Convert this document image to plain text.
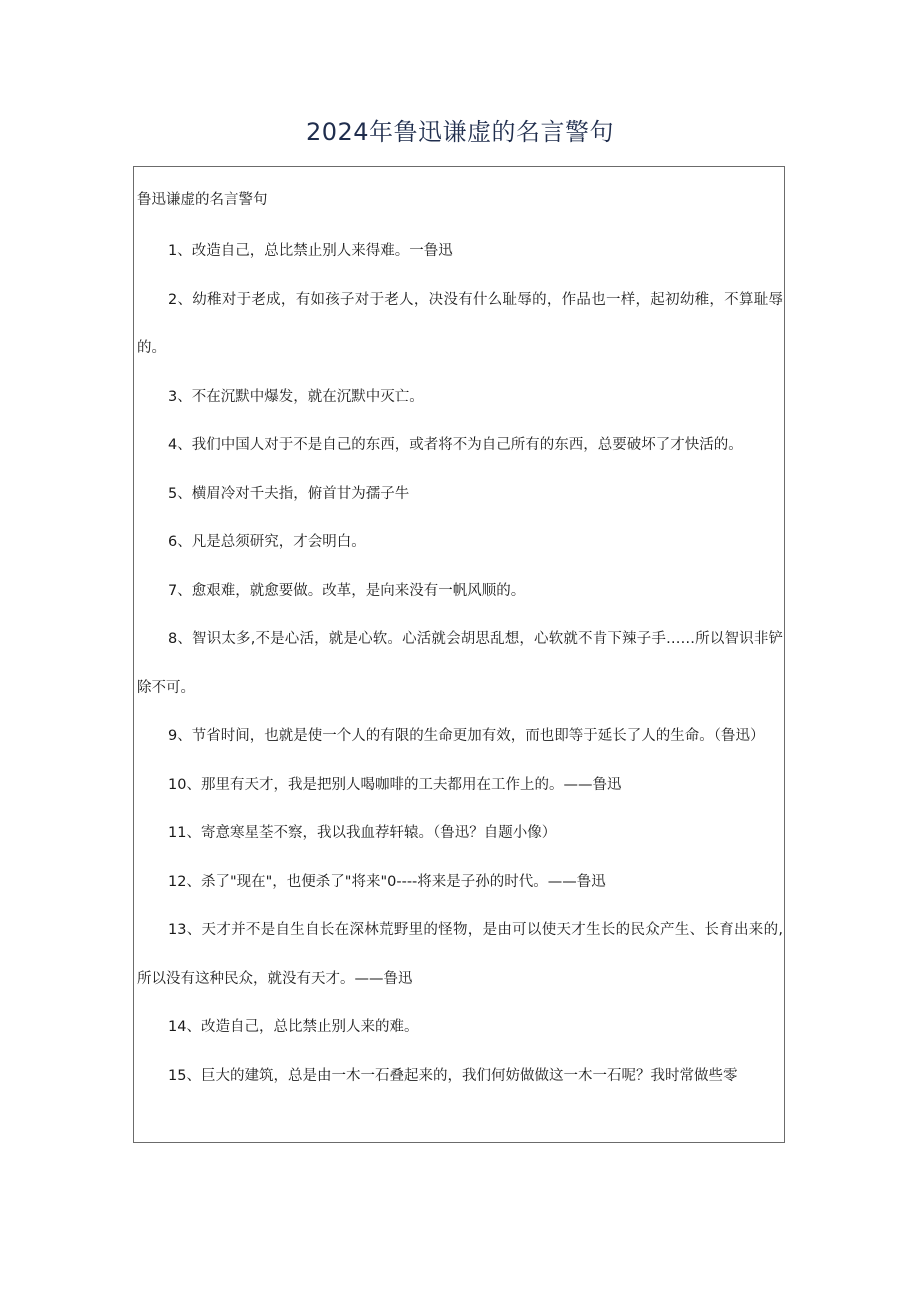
2024年鲁迅谦虚的名言警句
鲁迅谦虚的名言警句
1、改造自己，总比禁止别人来得难。一鲁迅
2、幼稚对于老成，有如孩子对于老人，决没有什么耻辱的，作品也一样，起初幼稚，不算耻辱的。
3、不在沉默中爆发，就在沉默中灭亡。
4、我们中国人对于不是自己的东西，或者将不为自己所有的东西，总要破坏了才快活的。
5、横眉冷对千夫指，俯首甘为孺子牛
6、凡是总须研究，才会明白。
7、愈艰难，就愈要做。改革，是向来没有一帆风顺的。
8、智识太多,不是心活，就是心软。心活就会胡思乱想，心软就不肯下辣子手……所以智识非铲除不可。
9、节省时间，也就是使一个人的有限的生命更加有效，而也即等于延长了人的生命。（鲁迅）
10、那里有天才，我是把别人喝咖啡的工夫都用在工作上的。——鲁迅
11、寄意寒星荃不察，我以我血荐轩辕。（鲁迅？自题小像）
12、杀了"现在"，也便杀了"将来"0----将来是子孙的时代。——鲁迅
13、天才并不是自生自长在深林荒野里的怪物，是由可以使天才生长的民众产生、长育出来的,所以没有这种民众，就没有天才。——鲁迅
14、改造自己，总比禁止别人来的难。
15、巨大的建筑，总是由一木一石叠起来的，我们何妨做做这一木一石呢？我时常做些零
